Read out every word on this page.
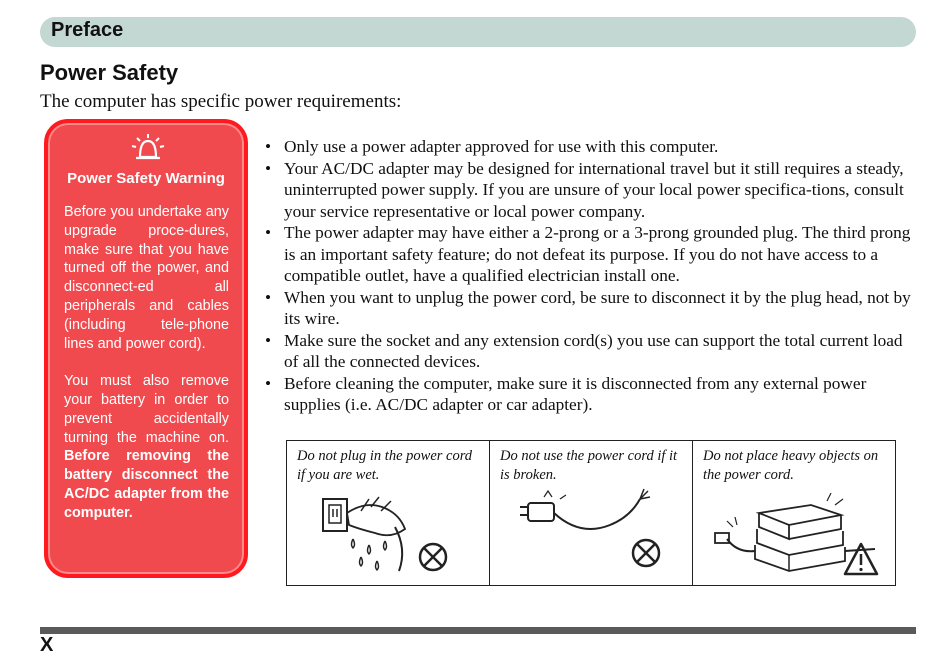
Preface
Power Safety
The computer has specific power requirements:
Power Safety Warning

Before you undertake any upgrade proce-dures, make sure that you have turned off the power, and disconnect-ed all peripherals and cables (including tele-phone lines and power cord).

You must also remove your battery in order to prevent accidentally turning the machine on. Before removing the battery disconnect the AC/DC adapter from the computer.

• Only use a power adapter approved for use with this computer.
• Your AC/DC adapter may be designed for international travel but it still requires a steady, uninterrupted power supply. If you are unsure of your local power specifica-tions, consult your service representative or local power company.
• The power adapter may have either a 2-prong or a 3-prong grounded plug. The third prong is an important safety feature; do not defeat its purpose. If you do not have access to a compatible outlet, have a qualified electrician install one.
• When you want to unplug the power cord, be sure to disconnect it by the plug head, not by its wire.
• Make sure the socket and any extension cord(s) you use can support the total current load of all the connected devices.
• Before cleaning the computer, make sure it is disconnected from any external power supplies (i.e. AC/DC adapter or car adapter).
Do not plug in the power cord if you are wet.
Do not use the power cord if it is broken.
Do not place heavy objects on the power cord.
X
